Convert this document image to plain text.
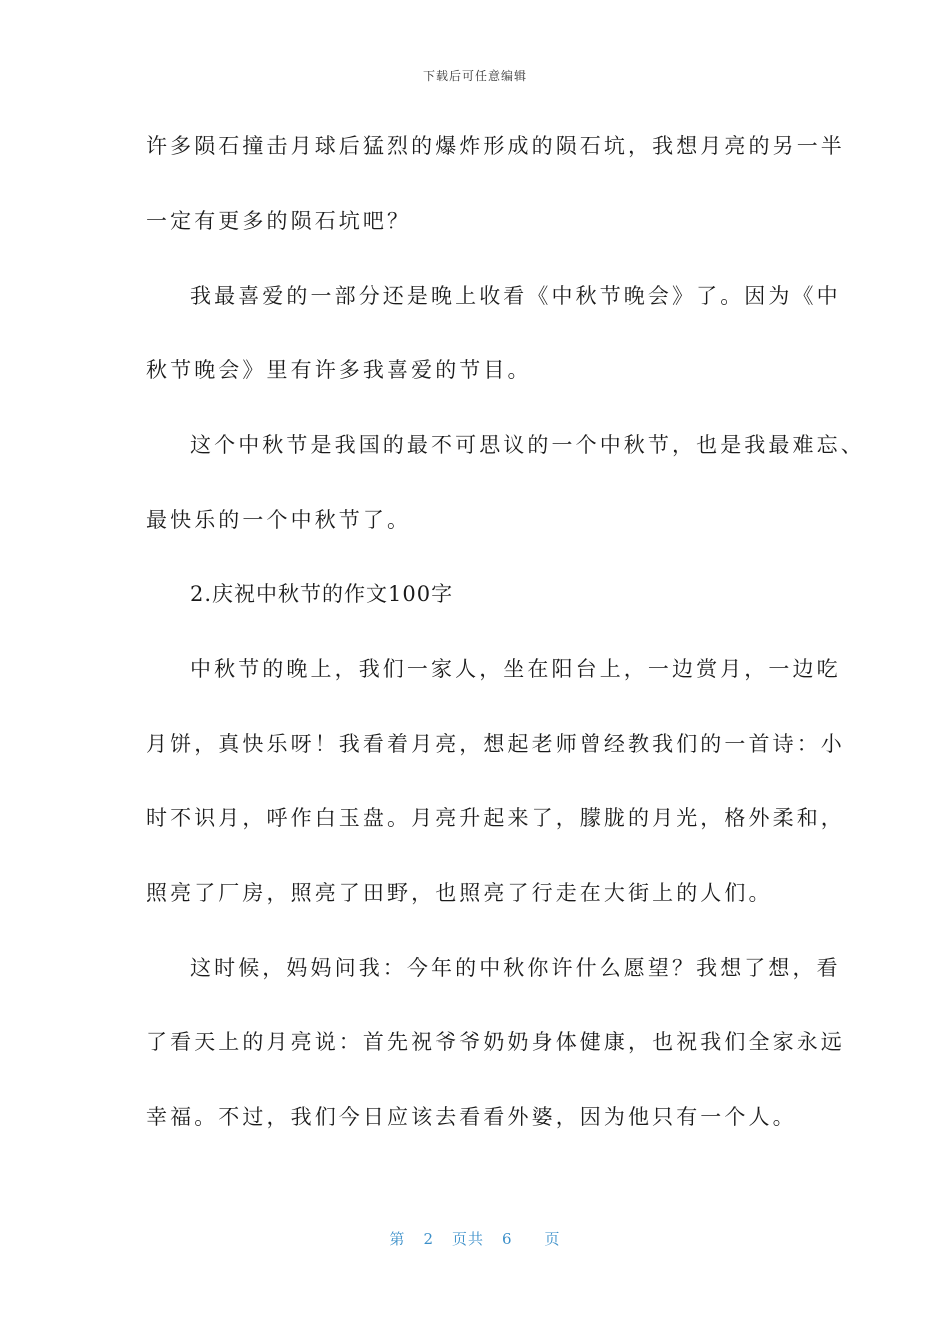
下载后可任意编辑
许多陨石撞击月球后猛烈的爆炸形成的陨石坑，我想月亮的另一半
一定有更多的陨石坑吧？
我最喜爱的一部分还是晚上收看《中秋节晚会》了。因为《中
秋节晚会》里有许多我喜爱的节目。
这个中秋节是我国的最不可思议的一个中秋节，也是我最难忘、
最快乐的一个中秋节了。
2.庆祝中秋节的作文100字
中秋节的晚上，我们一家人，坐在阳台上，一边赏月，一边吃
月饼，真快乐呀！我看着月亮，想起老师曾经教我们的一首诗：小
时不识月，呼作白玉盘。月亮升起来了，朦胧的月光，格外柔和，
照亮了厂房，照亮了田野，也照亮了行走在大街上的人们。
这时候，妈妈问我：今年的中秋你许什么愿望？我想了想，看
了看天上的月亮说：首先祝爷爷奶奶身体健康，也祝我们全家永远
幸福。不过，我们今日应该去看看外婆，因为他只有一个人。
第 2 页共 6 页
